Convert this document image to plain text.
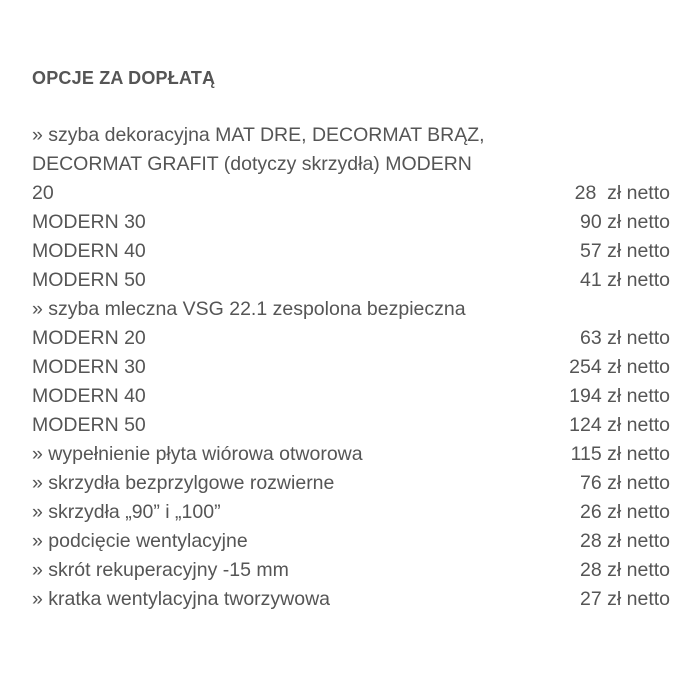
OPCJE ZA DOPŁATĄ
» szyba dekoracyjna MAT DRE, DECORMAT BRĄZ,
DECORMAT GRAFIT (dotyczy skrzydła) MODERN
20	28  zł netto
MODERN 30	90 zł netto
MODERN 40	57 zł netto
MODERN 50	41 zł netto
» szyba mleczna VSG 22.1 zespolona bezpieczna
MODERN 20	63 zł netto
MODERN 30	254 zł netto
MODERN 40	194 zł netto
MODERN 50	124 zł netto
» wypełnienie płyta wiórowa otworowa	115 zł netto
» skrzydła bezprzylgowe rozwierne	76 zł netto
» skrzydła „90” i „100”	26 zł netto
» podcięcie wentylacyjne	28 zł netto
» skrót rekuperacyjny -15 mm	28 zł netto
» kratka wentylacyjna tworzywowa	27 zł netto
